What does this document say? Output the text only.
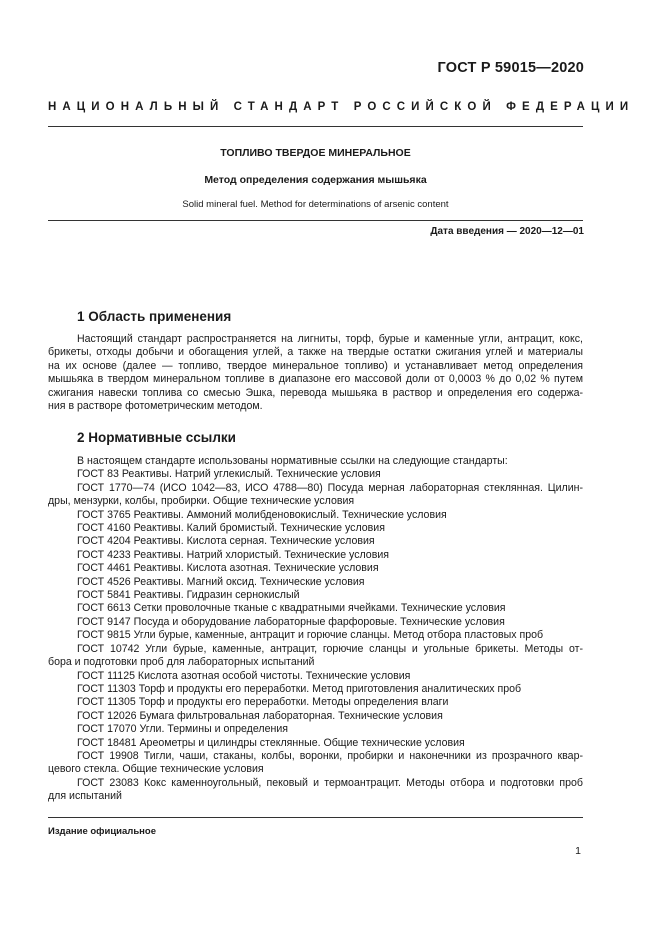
ГОСТ Р 59015—2020
НАЦИОНАЛЬНЫЙ СТАНДАРТ РОССИЙСКОЙ ФЕДЕРАЦИИ
ТОПЛИВО ТВЕРДОЕ МИНЕРАЛЬНОЕ
Метод определения содержания мышьяка
Solid mineral fuel. Method for determinations of arsenic content
Дата введения — 2020—12—01
1 Область применения
Настоящий стандарт распространяется на лигниты, торф, бурые и каменные угли, антрацит, кокс,
брикеты, отходы добычи и обогащения углей, а также на твердые остатки сжигания углей и материалы
на их основе (далее — топливо, твердое минеральное топливо) и устанавливает метод определения
мышьяка в твердом минеральном топливе в диапазоне его массовой доли от 0,0003 % до 0,02 % путем
сжигания навески топлива со смесью Эшка, перевода мышьяка в раствор и определения его содержа-
ния в растворе фотометрическим методом.
2 Нормативные ссылки
В настоящем стандарте использованы нормативные ссылки на следующие стандарты:
ГОСТ 83 Реактивы. Натрий углекислый. Технические условия
ГОСТ 1770—74 (ИСО 1042—83, ИСО 4788—80) Посуда мерная лабораторная стеклянная. Цилин-
дры, мензурки, колбы, пробирки. Общие технические условия
ГОСТ 3765 Реактивы. Аммоний молибденовокислый. Технические условия
ГОСТ 4160 Реактивы. Калий бромистый. Технические условия
ГОСТ 4204 Реактивы. Кислота серная. Технические условия
ГОСТ 4233 Реактивы. Натрий хлористый. Технические условия
ГОСТ 4461 Реактивы. Кислота азотная. Технические условия
ГОСТ 4526 Реактивы. Магний оксид. Технические условия
ГОСТ 5841 Реактивы. Гидразин сернокислый
ГОСТ 6613 Сетки проволочные тканые с квадратными ячейками. Технические условия
ГОСТ 9147 Посуда и оборудование лабораторные фарфоровые. Технические условия
ГОСТ 9815 Угли бурые, каменные, антрацит и горючие сланцы. Метод отбора пластовых проб
ГОСТ 10742 Угли бурые, каменные, антрацит, горючие сланцы и угольные брикеты. Методы от-
бора и подготовки проб для лабораторных испытаний
ГОСТ 11125 Кислота азотная особой чистоты. Технические условия
ГОСТ 11303 Торф и продукты его переработки. Метод приготовления аналитических проб
ГОСТ 11305 Торф и продукты его переработки. Методы определения влаги
ГОСТ 12026 Бумага фильтровальная лабораторная. Технические условия
ГОСТ 17070 Угли. Термины и определения
ГОСТ 18481 Ареометры и цилиндры стеклянные. Общие технические условия
ГОСТ 19908 Тигли, чаши, стаканы, колбы, воронки, пробирки и наконечники из прозрачного квар-
цевого стекла. Общие технические условия
ГОСТ 23083 Кокс каменноугольный, пековый и термоантрацит. Методы отбора и подготовки проб
для испытаний
Издание официальное
1
